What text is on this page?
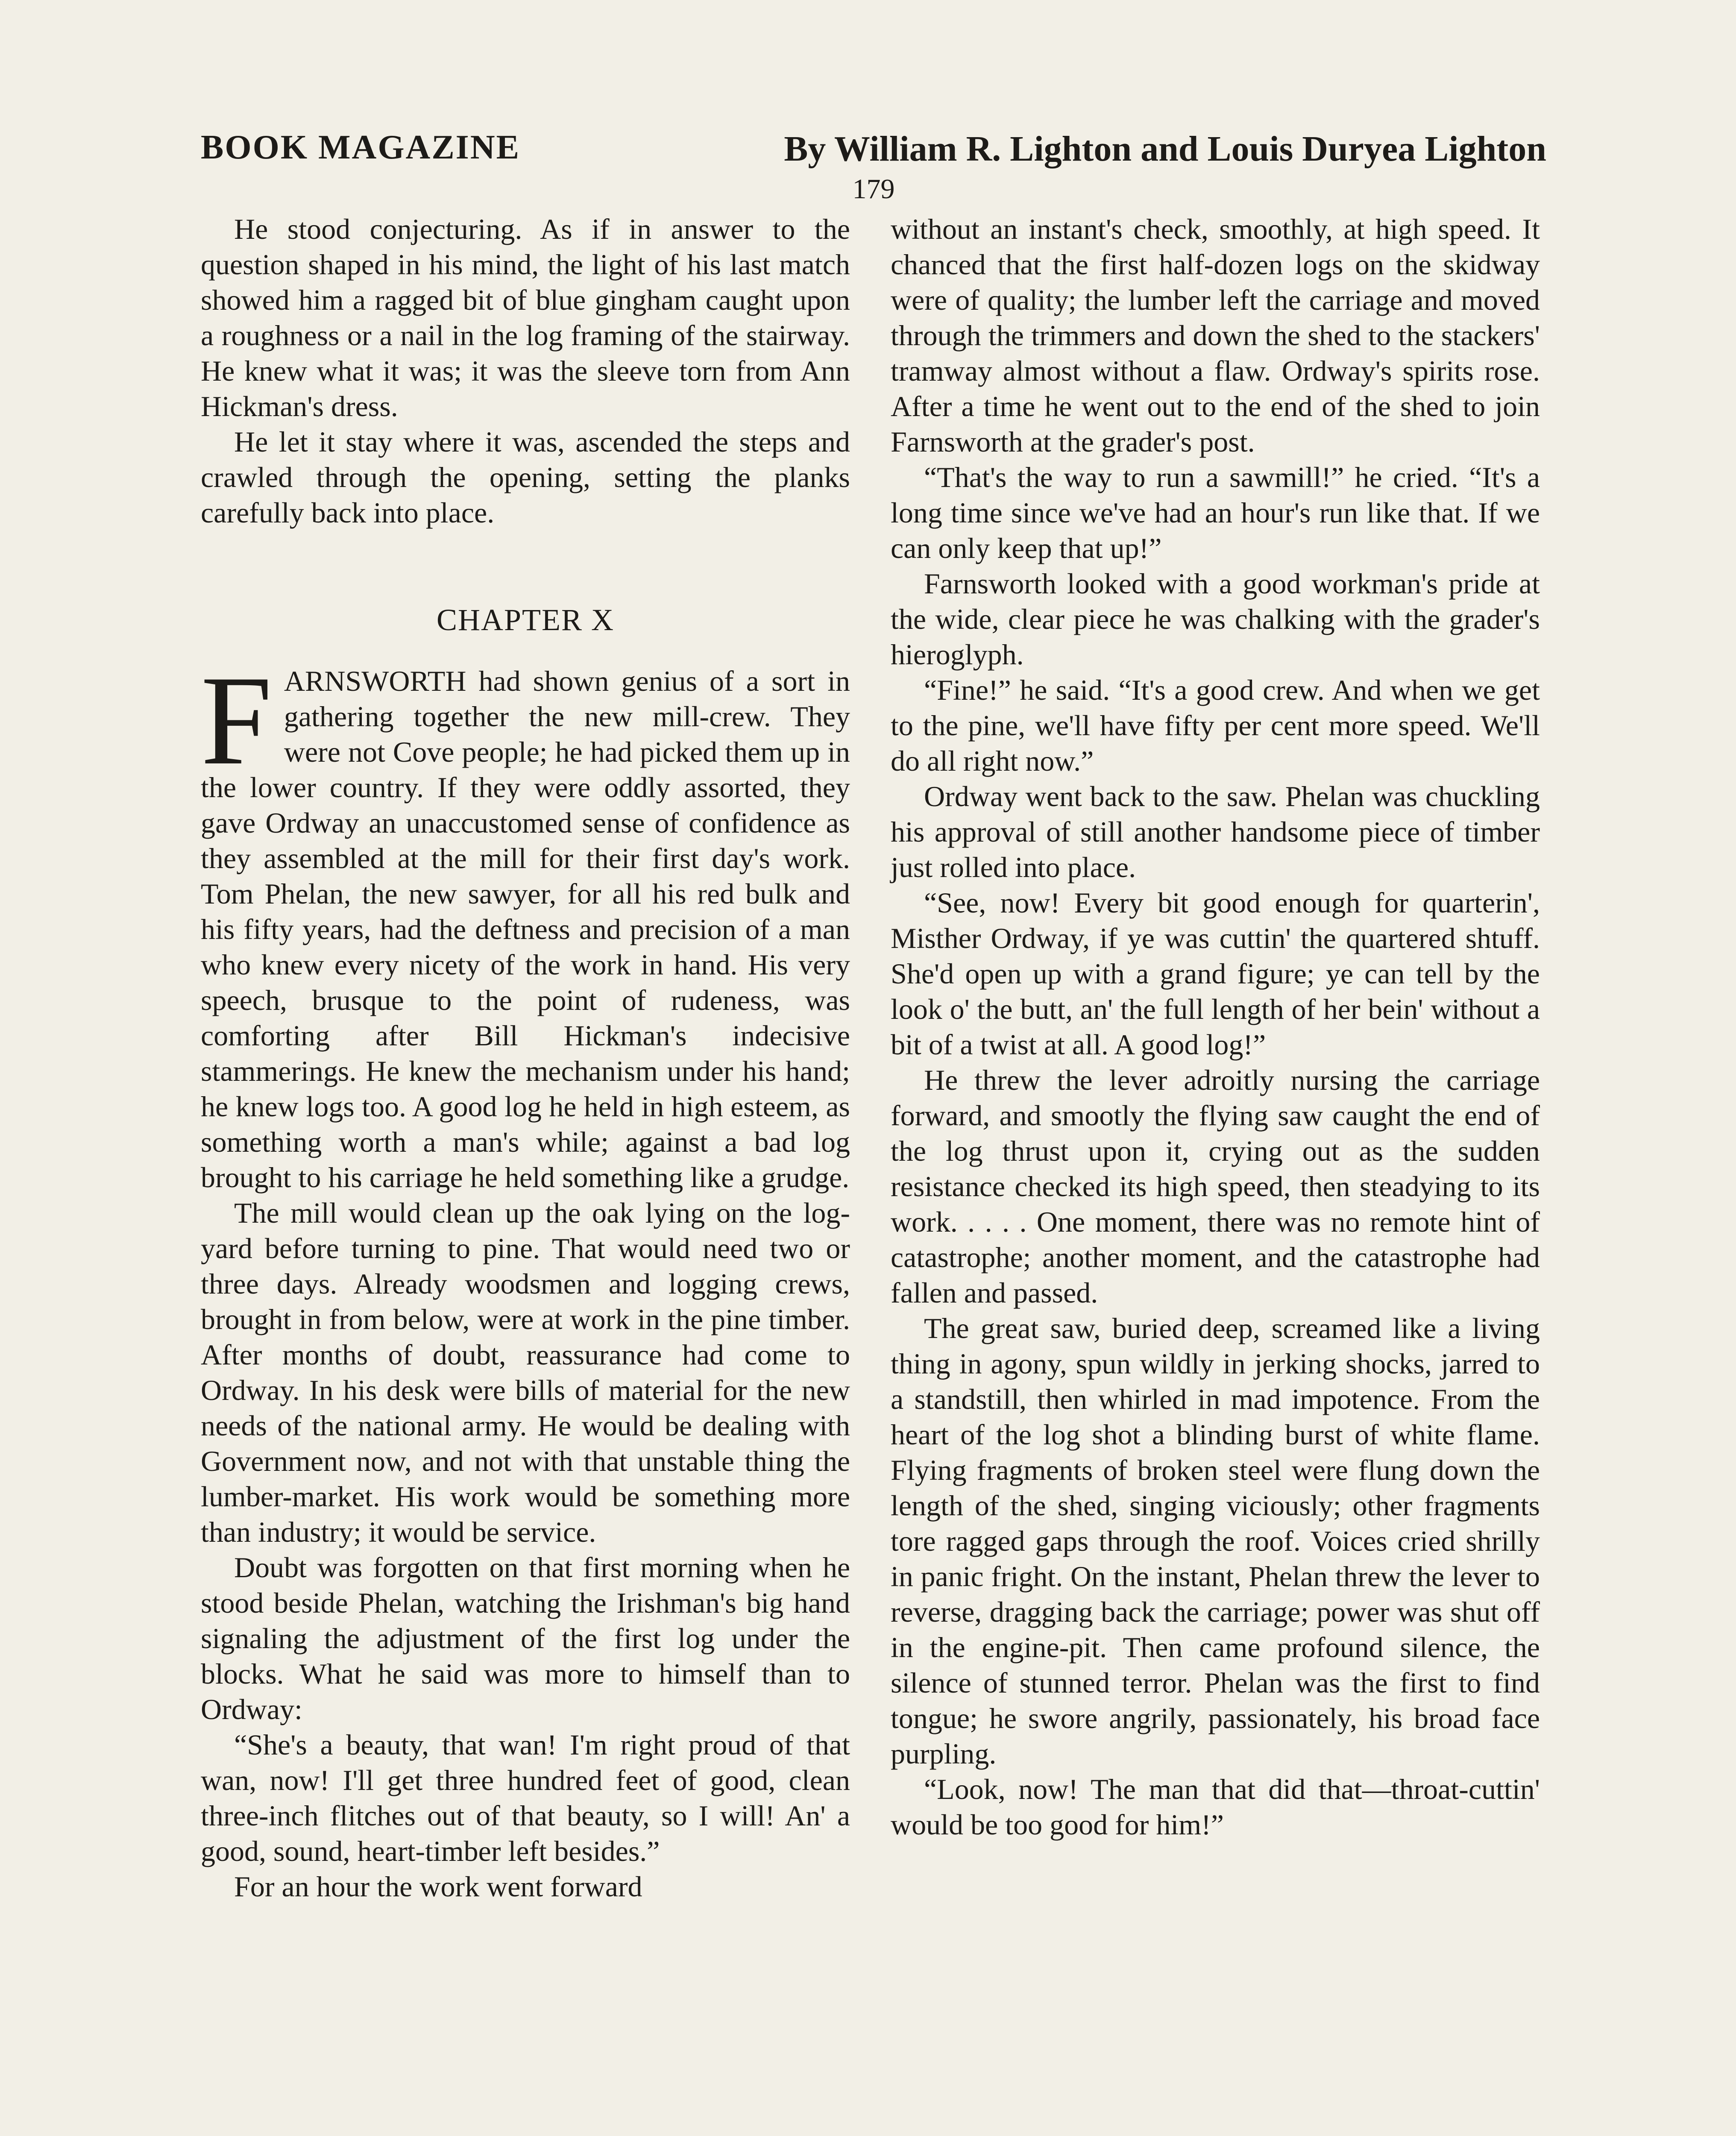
BOOK MAGAZINE	By William R. Lighton and Louis Duryea Lighton
179

He stood conjecturing. As if in answer to the question shaped in his mind, the light of his last match showed him a ragged bit of blue gingham caught upon a roughness or a nail in the log framing of the stairway. He knew what it was; it was the sleeve torn from Ann Hickman's dress.

He let it stay where it was, ascended the steps and crawled through the opening, setting the planks carefully back into place.

CHAPTER X

FARNSWORTH had shown genius of a sort in gathering together the new mill-crew. They were not Cove people; he had picked them up in the lower country. If they were oddly assorted, they gave Ordway an unaccustomed sense of confidence as they assembled at the mill for their first day's work. Tom Phelan, the new sawyer, for all his red bulk and his fifty years, had the deftness and precision of a man who knew every nicety of the work in hand. His very speech, brusque to the point of rudeness, was comforting after Bill Hickman's indecisive stammerings. He knew the mechanism under his hand; he knew logs too. A good log he held in high esteem, as something worth a man's while; against a bad log brought to his carriage he held something like a grudge.

The mill would clean up the oak lying on the log-yard before turning to pine. That would need two or three days. Already woodsmen and logging crews, brought in from below, were at work in the pine timber. After months of doubt, reassurance had come to Ordway. In his desk were bills of material for the new needs of the national army. He would be dealing with Government now, and not with that unstable thing the lumber-market. His work would be something more than industry; it would be service.

Doubt was forgotten on that first morning when he stood beside Phelan, watching the Irishman's big hand signaling the adjustment of the first log under the blocks. What he said was more to himself than to Ordway:

“She's a beauty, that wan! I'm right proud of that wan, now! I'll get three hundred feet of good, clean three-inch flitches out of that beauty, so I will! An' a good, sound, heart-timber left besides.”

For an hour the work went forward

without an instant's check, smoothly, at high speed. It chanced that the first half-dozen logs on the skidway were of quality; the lumber left the carriage and moved through the trimmers and down the shed to the stackers' tramway almost without a flaw. Ordway's spirits rose. After a time he went out to the end of the shed to join Farnsworth at the grader's post.

“That's the way to run a sawmill!” he cried. “It's a long time since we've had an hour's run like that. If we can only keep that up!”

Farnsworth looked with a good workman's pride at the wide, clear piece he was chalking with the grader's hieroglyph.

“Fine!” he said. “It's a good crew. And when we get to the pine, we'll have fifty per cent more speed. We'll do all right now.”

Ordway went back to the saw. Phelan was chuckling his approval of still another handsome piece of timber just rolled into place.

“See, now! Every bit good enough for quarterin', Misther Ordway, if ye was cuttin' the quartered shtuff. She'd open up with a grand figure; ye can tell by the look o' the butt, an' the full length of her bein' without a bit of a twist at all. A good log!”

He threw the lever adroitly nursing the carriage forward, and smootly the flying saw caught the end of the log thrust upon it, crying out as the sudden resistance checked its high speed, then steadying to its work. . . . . One moment, there was no remote hint of catastrophe; another moment, and the catastrophe had fallen and passed.

The great saw, buried deep, screamed like a living thing in agony, spun wildly in jerking shocks, jarred to a standstill, then whirled in mad impotence. From the heart of the log shot a blinding burst of white flame. Flying fragments of broken steel were flung down the length of the shed, singing viciously; other fragments tore ragged gaps through the roof. Voices cried shrilly in panic fright. On the instant, Phelan threw the lever to reverse, dragging back the carriage; power was shut off in the engine-pit. Then came profound silence, the silence of stunned terror. Phelan was the first to find tongue; he swore angrily, passionately, his broad face purpling.

“Look, now! The man that did that—throat-cuttin' would be too good for him!”
